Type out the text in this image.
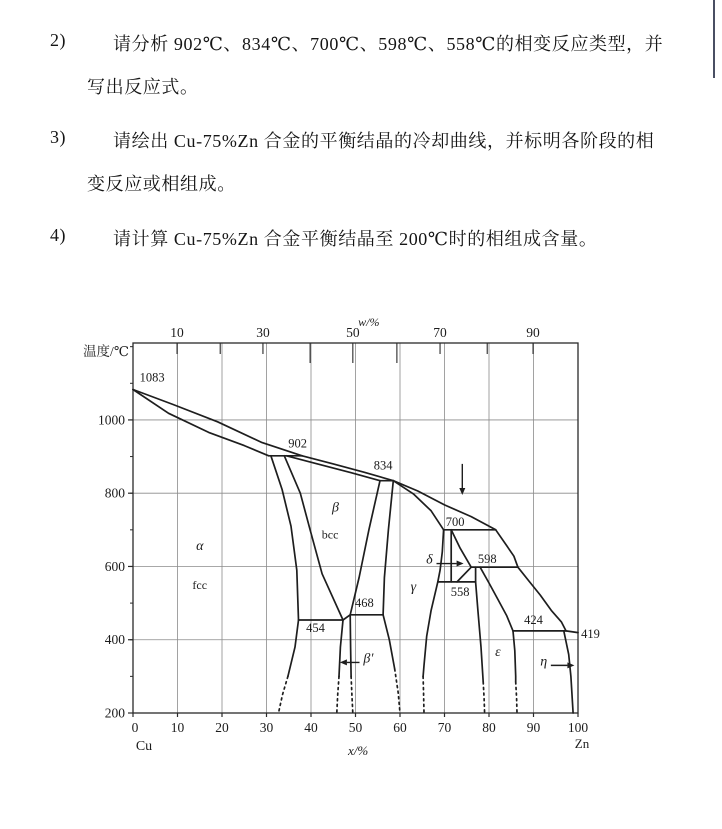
2)	请分析 902℃、834℃、700℃、598℃、558℃的相变反应类型，并
写出反应式。
3)	请绘出 Cu-75%Zn 合金的平衡结晶的冷却曲线，并标明各阶段的相
变反应或相组成。
4)	请计算 Cu-75%Zn 合金平衡结晶至 200℃时的相组成含量。
200
400
600
800
1000
温度/℃
0 10 20 30 40 50 60 70 80 90 100
Cu	Zn
x/%
10	30	50	70	90
w/%
1083
902
834
700
598
558
468
454
424
419
α
fcc
β
bcc
γ
δ
ε
η
β′
